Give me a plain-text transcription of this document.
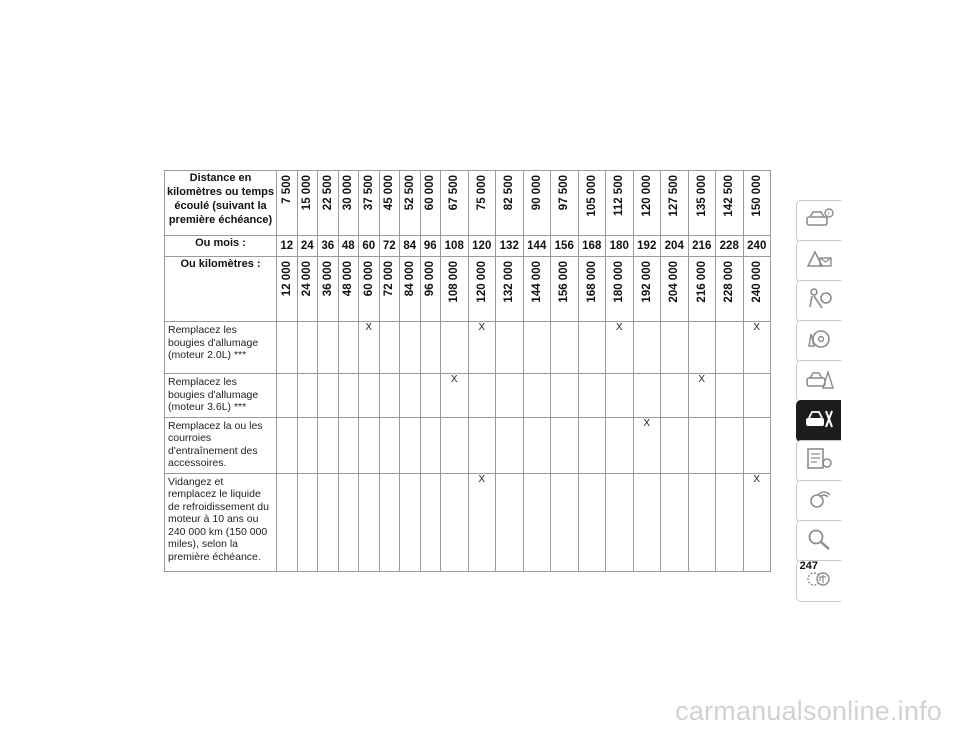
Distance en kilomètres ou temps écoulé (suivant la première échéance)	7 500	15 000	22 500	30 000	37 500	45 000	52 500	60 000	67 500	75 000	82 500	90 000	97 500	105 000	112 500	120 000	127 500	135 000	142 500	150 000

Ou mois :	12	24	36	48	60	72	84	96	108	120	132	144	156	168	180	192	204	216	228	240
Ou kilomètres :	12 000	24 000	36 000	48 000	60 000	72 000	84 000	96 000	108 000	120 000	132 000	144 000	156 000	168 000	180 000	192 000	204 000	216 000	228 000	240 000

Remplacez les bougies d'allumage (moteur 2.0L) ***					X					X					X					X
Remplacez les bougies d'allumage (moteur 3.6L) ***									X									X		
Remplacez la ou les courroies d'entraînement des accessoires.																X				
Vidangez et remplacez le liquide de refroidissement du moteur à 10 ans ou 240 000 km (150 000 miles), selon la première échéance.										X										X
i
247
carmanualsonline.info
